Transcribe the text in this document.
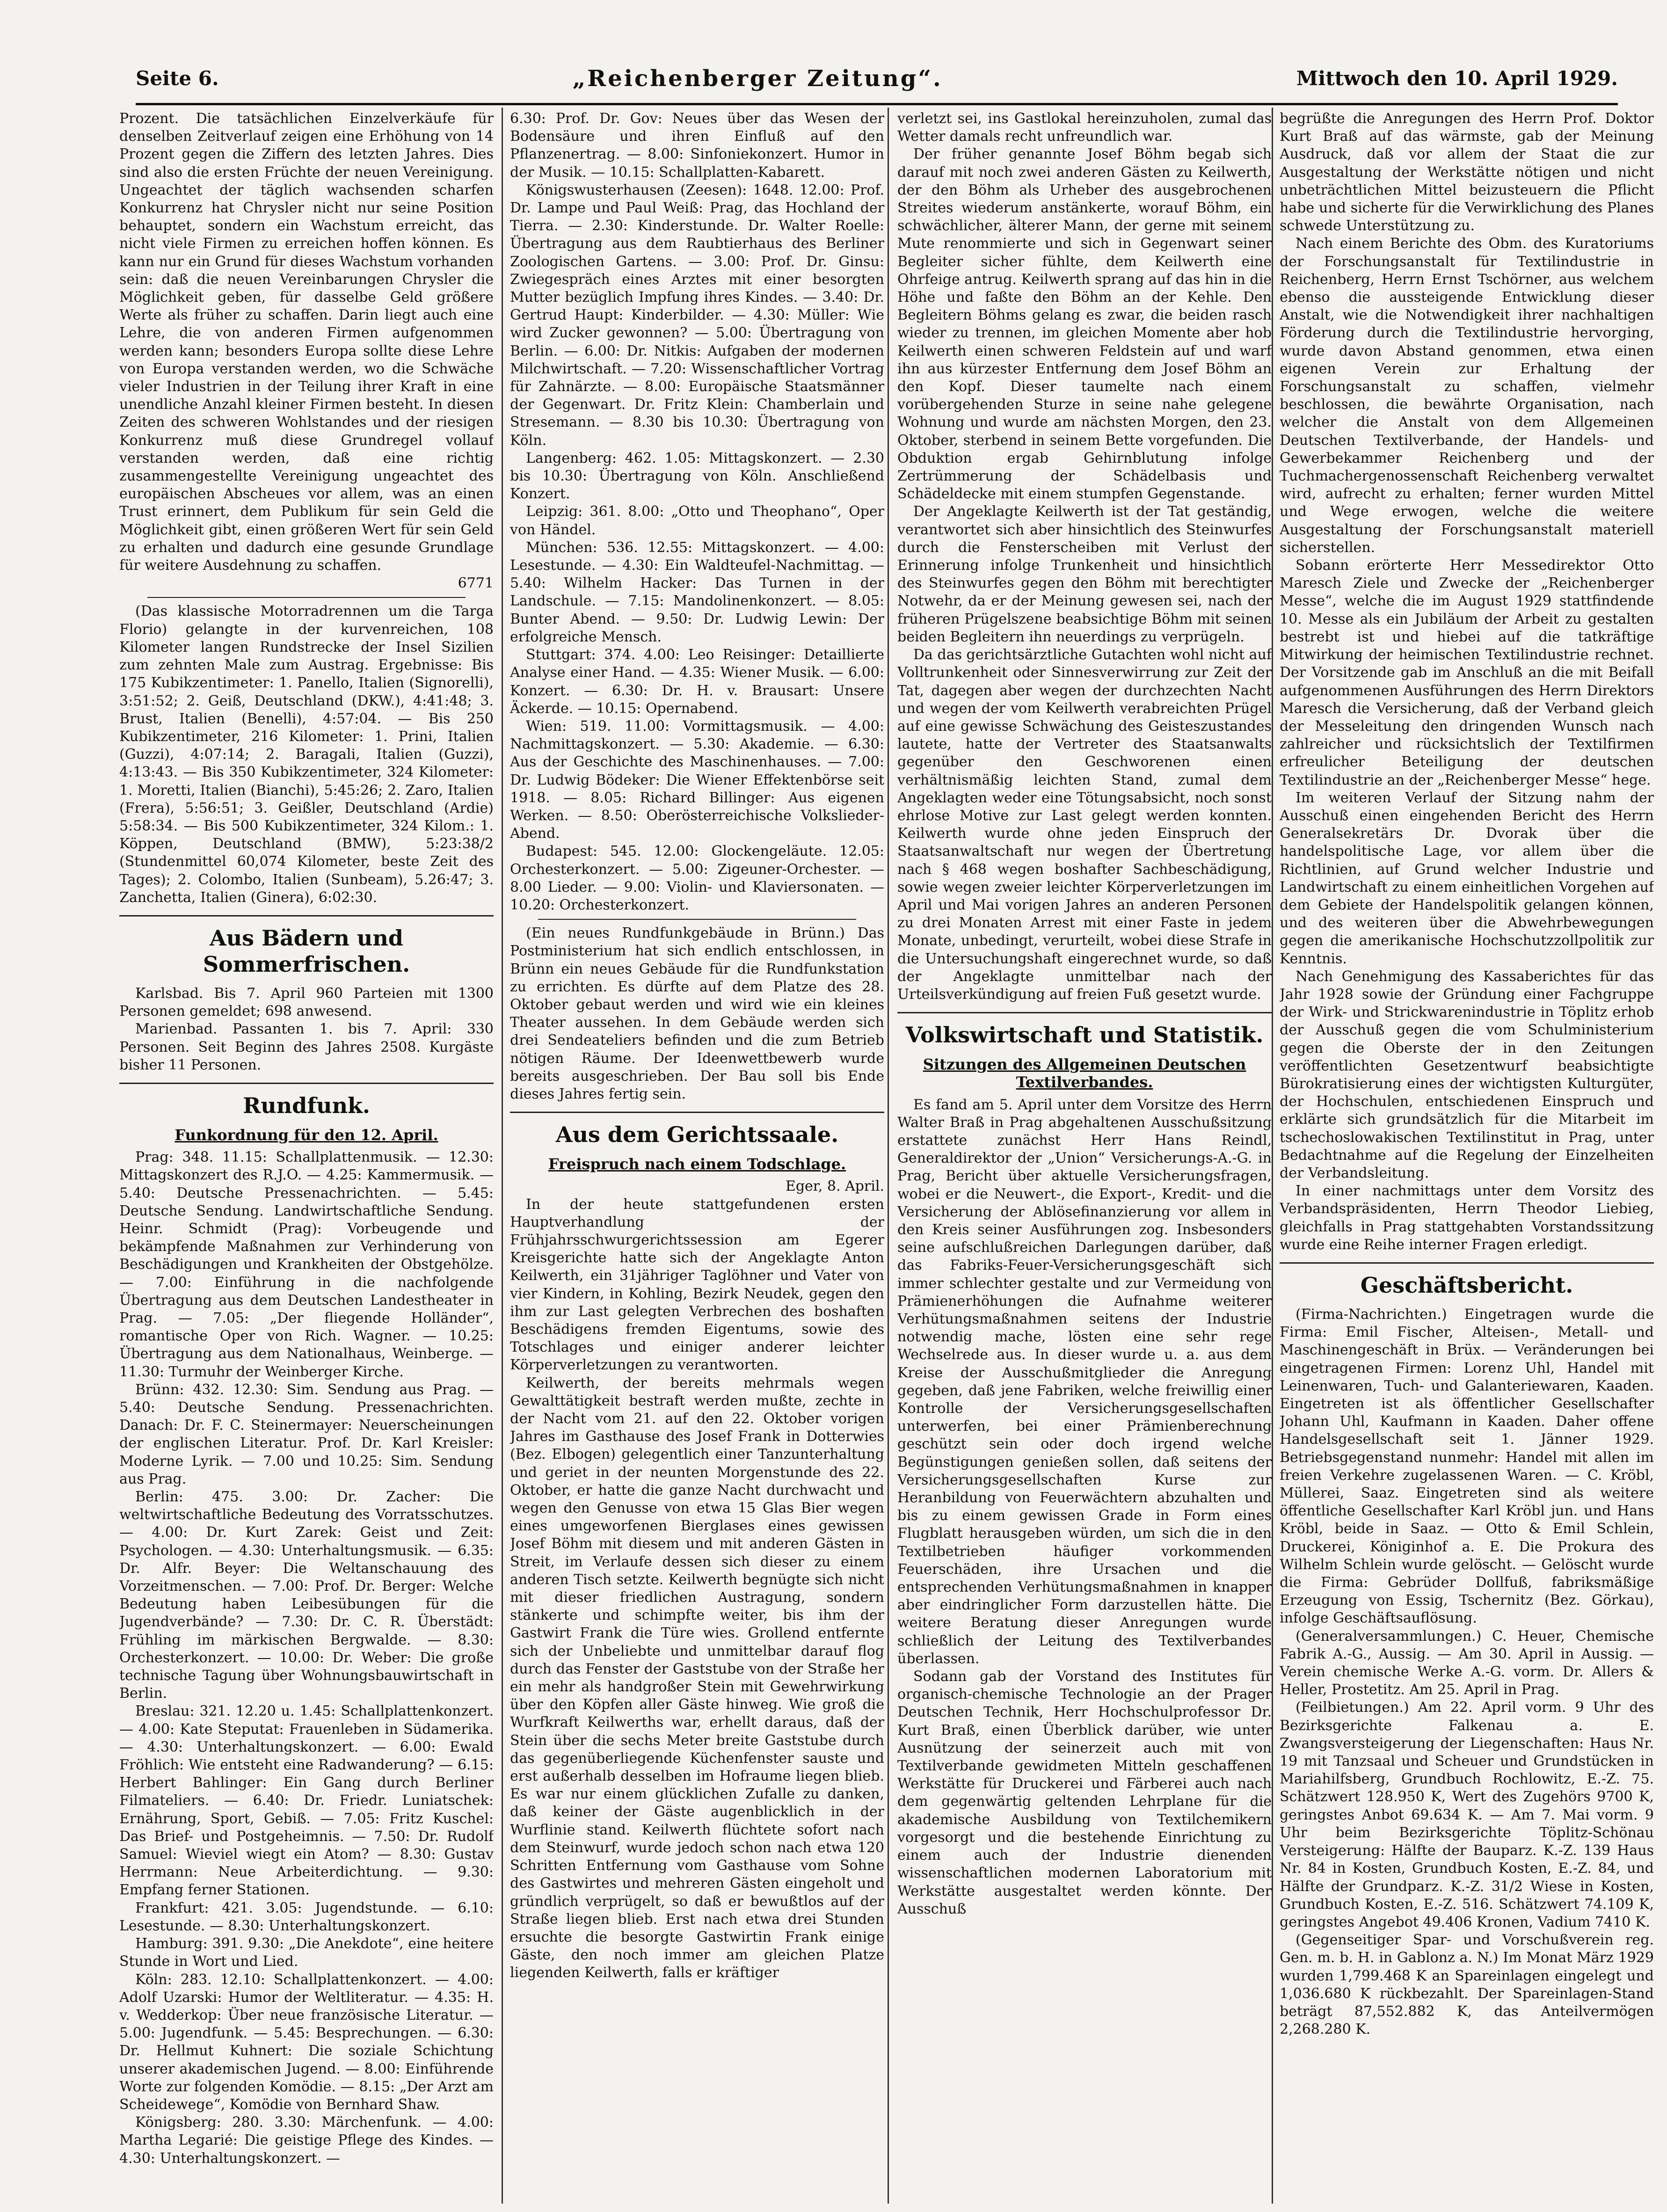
Seite 6.	„Reichenberger Zeitung“.	Mittwoch den 10. April 1929.

Prozent. Die tatsächlichen Einzelverkäufe für denselben Zeitverlauf zeigen eine Erhöhung von 14 Prozent gegen die Ziffern des letzten Jahres. Dies sind also die ersten Früchte der neuen Vereinigung. Ungeachtet der täglich wachsenden scharfen Konkurrenz hat Chrysler nicht nur seine Position behauptet, sondern ein Wachstum erreicht, das nicht viele Firmen zu erreichen hoffen können. Es kann nur ein Grund für dieses Wachstum vorhanden sein: daß die neuen Vereinbarungen Chrysler die Möglichkeit geben, für dasselbe Geld größere Werte als früher zu schaffen. Darin liegt auch eine Lehre, die von anderen Firmen aufgenommen werden kann; besonders Europa sollte diese Lehre von Europa verstanden werden, wo die Schwäche vieler Industrien in der Teilung ihrer Kraft in eine unendliche Anzahl kleiner Firmen besteht. In diesen Zeiten des schweren Wohlstandes und der riesigen Konkurrenz muß diese Grundregel vollauf verstanden werden, daß eine richtig zusammengestellte Vereinigung ungeachtet des europäischen Abscheues vor allem, was an einen Trust erinnert, dem Publikum für sein Geld die Möglichkeit gibt, einen größeren Wert für sein Geld zu erhalten und dadurch eine gesunde Grundlage für weitere Ausdehnung zu schaffen.

6771

(Das klassische Motorradrennen um die Targa Florio) gelangte in der kurvenreichen, 108 Kilometer langen Rundstrecke der Insel Sizilien zum zehnten Male zum Austrag. Ergebnisse: Bis 175 Kubikzentimeter: 1. Panello, Italien (Signorelli), 3:51:52; 2. Geiß, Deutschland (DKW.), 4:41:48; 3. Brust, Italien (Benelli), 4:57:04. — Bis 250 Kubikzentimeter, 216 Kilometer: 1. Prini, Italien (Guzzi), 4:07:14; 2. Baragali, Italien (Guzzi), 4:13:43. — Bis 350 Kubikzentimeter, 324 Kilometer: 1. Moretti, Italien (Bianchi), 5:45:26; 2. Zaro, Italien (Frera), 5:56:51; 3. Geißler, Deutschland (Ardie) 5:58:34. — Bis 500 Kubikzentimeter, 324 Kilom.: 1. Köppen, Deutschland (BMW), 5:23:38/2 (Stundenmittel 60,074 Kilometer, beste Zeit des Tages); 2. Colombo, Italien (Sunbeam), 5.26:47; 3. Zanchetta, Italien (Ginera), 6:02:30.

Aus Bädern und Sommerfrischen.

Karlsbad. Bis 7. April 960 Parteien mit 1300 Personen gemeldet; 698 anwesend.

Marienbad. Passanten 1. bis 7. April: 330 Personen. Seit Beginn des Jahres 2508. Kurgäste bisher 11 Personen.

Rundfunk.
Funkordnung für den 12. April.

Prag: 348. 11.15: Schallplattenmusik. — 12.30: Mittagskonzert des R.J.O. — 4.25: Kammermusik. — 5.40: Deutsche Pressenachrichten. — 5.45: Deutsche Sendung. Landwirtschaftliche Sendung. Heinr. Schmidt (Prag): Vorbeugende und bekämpfende Maßnahmen zur Verhinderung von Beschädigungen und Krankheiten der Obstgehölze. — 7.00: Einführung in die nachfolgende Übertragung aus dem Deutschen Landestheater in Prag. — 7.05: „Der fliegende Holländer“, romantische Oper von Rich. Wagner. — 10.25: Übertragung aus dem Nationalhaus, Weinberge. — 11.30: Turmuhr der Weinberger Kirche.

Brünn: 432. 12.30: Sim. Sendung aus Prag. — 5.40: Deutsche Sendung. Pressenachrichten. Danach: Dr. F. C. Steinermayer: Neuerscheinungen der englischen Literatur. Prof. Dr. Karl Kreisler: Moderne Lyrik. — 7.00 und 10.25: Sim. Sendung aus Prag.

Berlin: 475. 3.00: Dr. Zacher: Die weltwirtschaftliche Bedeutung des Vorratsschutzes. — 4.00: Dr. Kurt Zarek: Geist und Zeit: Psychologen. — 4.30: Unterhaltungsmusik. — 6.35: Dr. Alfr. Beyer: Die Weltanschauung des Vorzeitmenschen. — 7.00: Prof. Dr. Berger: Welche Bedeutung haben Leibesübungen für die Jugendverbände? — 7.30: Dr. C. R. Überstädt: Frühling im märkischen Bergwalde. — 8.30: Orchesterkonzert. — 10.00: Dr. Weber: Die große technische Tagung über Wohnungsbauwirtschaft in Berlin.

Breslau: 321. 12.20 u. 1.45: Schallplattenkonzert. — 4.00: Kate Steputat: Frauenleben in Südamerika. — 4.30: Unterhaltungskonzert. — 6.00: Ewald Fröhlich: Wie entsteht eine Radwanderung? — 6.15: Herbert Bahlinger: Ein Gang durch Berliner Filmateliers. — 6.40: Dr. Friedr. Luniatschek: Ernährung, Sport, Gebiß. — 7.05: Fritz Kuschel: Das Brief- und Postgeheimnis. — 7.50: Dr. Rudolf Samuel: Wieviel wiegt ein Atom? — 8.30: Gustav Herrmann: Neue Arbeiterdichtung. — 9.30: Empfang ferner Stationen.

Frankfurt: 421. 3.05: Jugendstunde. — 6.10: Lesestunde. — 8.30: Unterhaltungskonzert.

Hamburg: 391. 9.30: „Die Anekdote“, eine heitere Stunde in Wort und Lied.

Köln: 283. 12.10: Schallplattenkonzert. — 4.00: Adolf Uzarski: Humor der Weltliteratur. — 4.35: H. v. Wedderkop: Über neue französische Literatur. — 5.00: Jugendfunk. — 5.45: Besprechungen. — 6.30: Dr. Hellmut Kuhnert: Die soziale Schichtung unserer akademischen Jugend. — 8.00: Einführende Worte zur folgenden Komödie. — 8.15: „Der Arzt am Scheidewege“, Komödie von Bernhard Shaw.

Königsberg: 280. 3.30: Märchenfunk. — 4.00: Martha Legarié: Die geistige Pflege des Kindes. — 4.30: Unterhaltungskonzert. —

6.30: Prof. Dr. Gov: Neues über das Wesen der Bodensäure und ihren Einfluß auf den Pflanzenertrag. — 8.00: Sinfoniekonzert. Humor in der Musik. — 10.15: Schallplatten-Kabarett.

Königswusterhausen (Zeesen): 1648. 12.00: Prof. Dr. Lampe und Paul Weiß: Prag, das Hochland der Tierra. — 2.30: Kinderstunde. Dr. Walter Roelle: Übertragung aus dem Raubtierhaus des Berliner Zoologischen Gartens. — 3.00: Prof. Dr. Ginsu: Zwiegespräch eines Arztes mit einer besorgten Mutter bezüglich Impfung ihres Kindes. — 3.40: Dr. Gertrud Haupt: Kinderbilder. — 4.30: Müller: Wie wird Zucker gewonnen? — 5.00: Übertragung von Berlin. — 6.00: Dr. Nitkis: Aufgaben der modernen Milchwirtschaft. — 7.20: Wissenschaftlicher Vortrag für Zahnärzte. — 8.00: Europäische Staatsmänner der Gegenwart. Dr. Fritz Klein: Chamberlain und Stresemann. — 8.30 bis 10.30: Übertragung von Köln.

Langenberg: 462. 1.05: Mittagskonzert. — 2.30 bis 10.30: Übertragung von Köln. Anschließend Konzert.

Leipzig: 361. 8.00: „Otto und Theophano“, Oper von Händel.

München: 536. 12.55: Mittagskonzert. — 4.00: Lesestunde. — 4.30: Ein Waldteufel-Nachmittag. — 5.40: Wilhelm Hacker: Das Turnen in der Landschule. — 7.15: Mandolinenkonzert. — 8.05: Bunter Abend. — 9.50: Dr. Ludwig Lewin: Der erfolgreiche Mensch.

Stuttgart: 374. 4.00: Leo Reisinger: Detaillierte Analyse einer Hand. — 4.35: Wiener Musik. — 6.00: Konzert. — 6.30: Dr. H. v. Brausart: Unsere Äckerde. — 10.15: Opernabend.

Wien: 519. 11.00: Vormittagsmusik. — 4.00: Nachmittagskonzert. — 5.30: Akademie. — 6.30: Aus der Geschichte des Maschinenhauses. — 7.00: Dr. Ludwig Bödeker: Die Wiener Effektenbörse seit 1918. — 8.05: Richard Billinger: Aus eigenen Werken. — 8.50: Oberösterreichische Volkslieder-Abend.

Budapest: 545. 12.00: Glockengeläute. 12.05: Orchesterkonzert. — 5.00: Zigeuner-Orchester. — 8.00 Lieder. — 9.00: Violin- und Klaviersonaten. — 10.20: Orchesterkonzert.

(Ein neues Rundfunkgebäude in Brünn.) Das Postministerium hat sich endlich entschlossen, in Brünn ein neues Gebäude für die Rundfunkstation zu errichten. Es dürfte auf dem Platze des 28. Oktober gebaut werden und wird wie ein kleines Theater aussehen. In dem Gebäude werden sich drei Sendeateliers befinden und die zum Betrieb nötigen Räume. Der Ideenwettbewerb wurde bereits ausgeschrieben. Der Bau soll bis Ende dieses Jahres fertig sein.

Aus dem Gerichtssaale.
Freispruch nach einem Todschlage.

Eger, 8. April.

In der heute stattgefundenen ersten Hauptverhandlung der Frühjahrsschwurgerichtssession am Egerer Kreisgerichte hatte sich der Angeklagte Anton Keilwerth, ein 31jähriger Taglöhner und Vater von vier Kindern, in Kohling, Bezirk Neudek, gegen den ihm zur Last gelegten Verbrechen des boshaften Beschädigens fremden Eigentums, sowie des Totschlages und einiger anderer leichter Körperverletzungen zu verantworten.

Keilwerth, der bereits mehrmals wegen Gewalttätigkeit bestraft werden mußte, zechte in der Nacht vom 21. auf den 22. Oktober vorigen Jahres im Gasthause des Josef Frank in Dotterwies (Bez. Elbogen) gelegentlich einer Tanzunterhaltung und geriet in der neunten Morgenstunde des 22. Oktober, er hatte die ganze Nacht durchwacht und wegen den Genusse von etwa 15 Glas Bier wegen eines umgeworfenen Bierglases eines gewissen Josef Böhm mit diesem und mit anderen Gästen in Streit, im Verlaufe dessen sich dieser zu einem anderen Tisch setzte. Keilwerth begnügte sich nicht mit dieser friedlichen Austragung, sondern stänkerte und schimpfte weiter, bis ihm der Gastwirt Frank die Türe wies. Grollend entfernte sich der Unbeliebte und unmittelbar darauf flog durch das Fenster der Gaststube von der Straße her ein mehr als handgroßer Stein mit Gewehrwirkung über den Köpfen aller Gäste hinweg. Wie groß die Wurfkraft Keilwerths war, erhellt daraus, daß der Stein über die sechs Meter breite Gaststube durch das gegenüberliegende Küchenfenster sauste und erst außerhalb desselben im Hofraume liegen blieb. Es war nur einem glücklichen Zufalle zu danken, daß keiner der Gäste augenblicklich in der Wurflinie stand. Keilwerth flüchtete sofort nach dem Steinwurf, wurde jedoch schon nach etwa 120 Schritten Entfernung vom Gasthause vom Sohne des Gastwirtes und mehreren Gästen eingeholt und gründlich verprügelt, so daß er bewußtlos auf der Straße liegen blieb. Erst nach etwa drei Stunden ersuchte die besorgte Gastwirtin Frank einige Gäste, den noch immer am gleichen Platze liegenden Keilwerth, falls er kräftiger

verletzt sei, ins Gastlokal hereinzuholen, zumal das Wetter damals recht unfreundlich war.

Der früher genannte Josef Böhm begab sich darauf mit noch zwei anderen Gästen zu Keilwerth, der den Böhm als Urheber des ausgebrochenen Streites wiederum anstänkerte, worauf Böhm, ein schwächlicher, älterer Mann, der gerne mit seinem Mute renommierte und sich in Gegenwart seiner Begleiter sicher fühlte, dem Keilwerth eine Ohrfeige antrug. Keilwerth sprang auf das hin in die Höhe und faßte den Böhm an der Kehle. Den Begleitern Böhms gelang es zwar, die beiden rasch wieder zu trennen, im gleichen Momente aber hob Keilwerth einen schweren Feldstein auf und warf ihn aus kürzester Entfernung dem Josef Böhm an den Kopf. Dieser taumelte nach einem vorübergehenden Sturze in seine nahe gelegene Wohnung und wurde am nächsten Morgen, den 23. Oktober, sterbend in seinem Bette vorgefunden. Die Obduktion ergab Gehirnblutung infolge Zertrümmerung der Schädelbasis und Schädeldecke mit einem stumpfen Gegenstande.

Der Angeklagte Keilwerth ist der Tat geständig, verantwortet sich aber hinsichtlich des Steinwurfes durch die Fensterscheiben mit Verlust der Erinnerung infolge Trunkenheit und hinsichtlich des Steinwurfes gegen den Böhm mit berechtigter Notwehr, da er der Meinung gewesen sei, nach der früheren Prügelszene beabsichtige Böhm mit seinen beiden Begleitern ihn neuerdings zu verprügeln.

Da das gerichtsärztliche Gutachten wohl nicht auf Volltrunkenheit oder Sinnesverwirrung zur Zeit der Tat, dagegen aber wegen der durchzechten Nacht und wegen der vom Keilwerth verabreichten Prügel auf eine gewisse Schwächung des Geisteszustandes lautete, hatte der Vertreter des Staatsanwalts gegenüber den Geschworenen einen verhältnismäßig leichten Stand, zumal dem Angeklagten weder eine Tötungsabsicht, noch sonst ehrlose Motive zur Last gelegt werden konnten. Keilwerth wurde ohne jeden Einspruch der Staatsanwaltschaft nur wegen der Übertretung nach § 468 wegen boshafter Sachbeschädigung, sowie wegen zweier leichter Körperverletzungen im April und Mai vorigen Jahres an anderen Personen zu drei Monaten Arrest mit einer Faste in jedem Monate, unbedingt, verurteilt, wobei diese Strafe in die Untersuchungshaft eingerechnet wurde, so daß der Angeklagte unmittelbar nach der Urteilsverkündigung auf freien Fuß gesetzt wurde.

Volkswirtschaft und Statistik.
Sitzungen des Allgemeinen Deutschen Textilverbandes.

Es fand am 5. April unter dem Vorsitze des Herrn Walter Braß in Prag abgehaltenen Ausschußsitzung erstattete zunächst Herr Hans Reindl, Generaldirektor der „Union“ Versicherungs-A.-G. in Prag, Bericht über aktuelle Versicherungsfragen, wobei er die Neuwert-, die Export-, Kredit- und die Versicherung der Ablösefinanzierung vor allem in den Kreis seiner Ausführungen zog. Insbesonders seine aufschlußreichen Darlegungen darüber, daß das Fabriks-Feuer-Versicherungsgeschäft sich immer schlechter gestalte und zur Vermeidung von Prämienerhöhungen die Aufnahme weiterer Verhütungsmaßnahmen seitens der Industrie notwendig mache, lösten eine sehr rege Wechselrede aus. In dieser wurde u. a. aus dem Kreise der Ausschußmitglieder die Anregung gegeben, daß jene Fabriken, welche freiwillig einer Kontrolle der Versicherungsgesellschaften unterwerfen, bei einer Prämienberechnung geschützt sein oder doch irgend welche Begünstigungen genießen sollen, daß seitens der Versicherungsgesellschaften Kurse zur Heranbildung von Feuerwächtern abzuhalten und bis zu einem gewissen Grade in Form eines Flugblatt herausgeben würden, um sich die in den Textilbetrieben häufiger vorkommenden Feuerschäden, ihre Ursachen und die entsprechenden Verhütungsmaßnahmen in knapper aber eindringlicher Form darzustellen hätte. Die weitere Beratung dieser Anregungen wurde schließlich der Leitung des Textilverbandes überlassen.

Sodann gab der Vorstand des Institutes für organisch-chemische Technologie an der Prager Deutschen Technik, Herr Hochschulprofessor Dr. Kurt Braß, einen Überblick darüber, wie unter Ausnützung der seinerzeit auch mit von Textilverbande gewidmeten Mitteln geschaffenen Werkstätte für Druckerei und Färberei auch nach dem gegenwärtig geltenden Lehrplane für die akademische Ausbildung von Textilchemikern vorgesorgt und die bestehende Einrichtung zu einem auch der Industrie dienenden wissenschaftlichen modernen Laboratorium mit Werkstätte ausgestaltet werden könnte. Der Ausschuß

begrüßte die Anregungen des Herrn Prof. Doktor Kurt Braß auf das wärmste, gab der Meinung Ausdruck, daß vor allem der Staat die zur Ausgestaltung der Werkstätte nötigen und nicht unbeträchtlichen Mittel beizusteuern die Pflicht habe und sicherte für die Verwirklichung des Planes schwede Unterstützung zu.

Nach einem Berichte des Obm. des Kuratoriums der Forschungsanstalt für Textilindustrie in Reichenberg, Herrn Ernst Tschörner, aus welchem ebenso die aussteigende Entwicklung dieser Anstalt, wie die Notwendigkeit ihrer nachhaltigen Förderung durch die Textilindustrie hervorging, wurde davon Abstand genommen, etwa einen eigenen Verein zur Erhaltung der Forschungsanstalt zu schaffen, vielmehr beschlossen, die bewährte Organisation, nach welcher die Anstalt von dem Allgemeinen Deutschen Textilverbande, der Handels- und Gewerbekammer Reichenberg und der Tuchmachergenossenschaft Reichenberg verwaltet wird, aufrecht zu erhalten; ferner wurden Mittel und Wege erwogen, welche die weitere Ausgestaltung der Forschungsanstalt materiell sicherstellen.

Sobann erörterte Herr Messedirektor Otto Maresch Ziele und Zwecke der „Reichenberger Messe“, welche die im August 1929 stattfindende 10. Messe als ein Jubiläum der Arbeit zu gestalten bestrebt ist und hiebei auf die tatkräftige Mitwirkung der heimischen Textilindustrie rechnet. Der Vorsitzende gab im Anschluß an die mit Beifall aufgenommenen Ausführungen des Herrn Direktors Maresch die Versicherung, daß der Verband gleich der Messeleitung den dringenden Wunsch nach zahlreicher und rücksichtslich der Textilfirmen erfreulicher Beteiligung der deutschen Textilindustrie an der „Reichenberger Messe“ hege.

Im weiteren Verlauf der Sitzung nahm der Ausschuß einen eingehenden Bericht des Herrn Generalsekretärs Dr. Dvorak über die handelspolitische Lage, vor allem über die Richtlinien, auf Grund welcher Industrie und Landwirtschaft zu einem einheitlichen Vorgehen auf dem Gebiete der Handelspolitik gelangen können, und des weiteren über die Abwehrbewegungen gegen die amerikanische Hochschutzzollpolitik zur Kenntnis.

Nach Genehmigung des Kassaberichtes für das Jahr 1928 sowie der Gründung einer Fachgruppe der Wirk- und Strickwarenindustrie in Töplitz erhob der Ausschuß gegen die vom Schulministerium gegen die Oberste der in den Zeitungen veröffentlichten Gesetzentwurf beabsichtigte Bürokratisierung eines der wichtigsten Kulturgüter, der Hochschulen, entschiedenen Einspruch und erklärte sich grundsätzlich für die Mitarbeit im tschechoslowakischen Textilinstitut in Prag, unter Bedachtnahme auf die Regelung der Einzelheiten der Verbandsleitung.

In einer nachmittags unter dem Vorsitz des Verbandspräsidenten, Herrn Theodor Liebieg, gleichfalls in Prag stattgehabten Vorstandssitzung wurde eine Reihe interner Fragen erledigt.

Geschäftsbericht.

(Firma-Nachrichten.) Eingetragen wurde die Firma: Emil Fischer, Alteisen-, Metall- und Maschinengeschäft in Brüx. — Veränderungen bei eingetragenen Firmen: Lorenz Uhl, Handel mit Leinenwaren, Tuch- und Galanteriewaren, Kaaden. Eingetreten ist als öffentlicher Gesellschafter Johann Uhl, Kaufmann in Kaaden. Daher offene Handelsgesellschaft seit 1. Jänner 1929. Betriebsgegenstand nunmehr: Handel mit allen im freien Verkehre zugelassenen Waren. — C. Kröbl, Müllerei, Saaz. Eingetreten sind als weitere öffentliche Gesellschafter Karl Kröbl jun. und Hans Kröbl, beide in Saaz. — Otto & Emil Schlein, Druckerei, Königinhof a. E. Die Prokura des Wilhelm Schlein wurde gelöscht. — Gelöscht wurde die Firma: Gebrüder Dollfuß, fabriksmäßige Erzeugung von Essig, Tschernitz (Bez. Görkau), infolge Geschäftsauflösung.

(Generalversammlungen.) C. Heuer, Chemische Fabrik A.-G., Aussig. — Am 30. April in Aussig. — Verein chemische Werke A.-G. vorm. Dr. Allers & Heller, Prostetitz. Am 25. April in Prag.

(Feilbietungen.) Am 22. April vorm. 9 Uhr des Bezirksgerichte Falkenau a. E. Zwangsversteigerung der Liegenschaften: Haus Nr. 19 mit Tanzsaal und Scheuer und Grundstücken in Mariahilfsberg, Grundbuch Rochlowitz, E.-Z. 75. Schätzwert 128.950 K, Wert des Zugehörs 9700 K, geringstes Anbot 69.634 K. — Am 7. Mai vorm. 9 Uhr beim Bezirksgerichte Töplitz-Schönau Versteigerung: Hälfte der Bauparz. K.-Z. 139 Haus Nr. 84 in Kosten, Grundbuch Kosten, E.-Z. 84, und Hälfte der Grundparz. K.-Z. 31/2 Wiese in Kosten, Grundbuch Kosten, E.-Z. 516. Schätzwert 74.109 K, geringstes Angebot 49.406 Kronen, Vadium 7410 K.

(Gegenseitiger Spar- und Vorschußverein reg. Gen. m. b. H. in Gablonz a. N.) Im Monat März 1929 wurden 1,799.468 K an Spareinlagen eingelegt und 1,036.680 K rückbezahlt. Der Spareinlagen-Stand beträgt 87,552.882 K, das Anteilvermögen 2,268.280 K.
